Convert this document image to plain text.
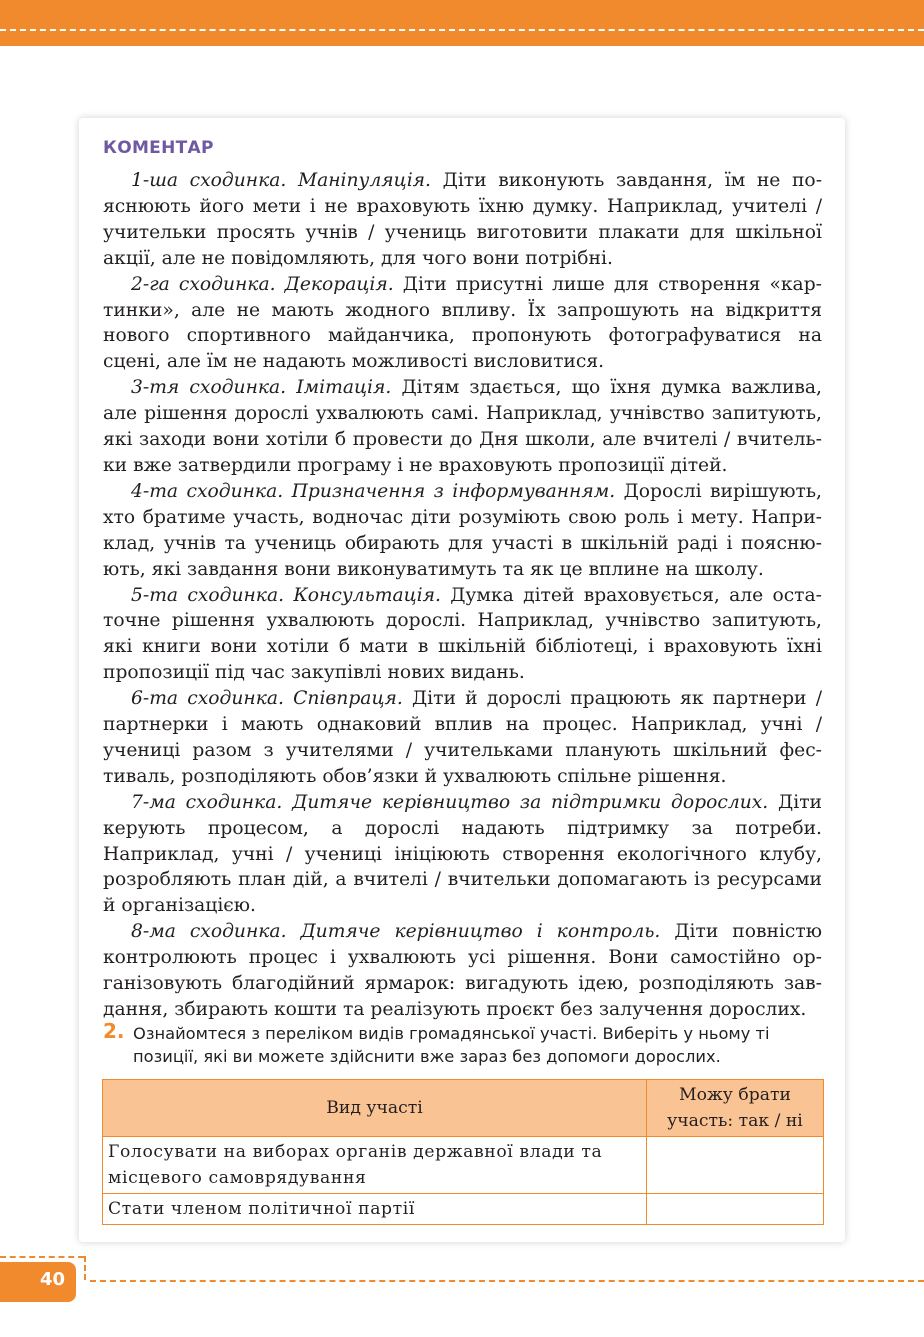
КОМЕНТАР

1-ша сходинка. Маніпуляція. Діти виконують завдання, їм не пояснюють його мети і не враховують їхню думку. Наприклад, учителі / учительки просять учнів / учениць виготовити плакати для шкільної акції, але не повідомляють, для чого вони потрібні.

2-га сходинка. Декорація. Діти присутні лише для створення «картинки», але не мають жодного впливу. Їх запрошують на відкриття нового спортивного майданчика, пропонують фотографуватися на сцені, але їм не надають можливості висловитися.

3-тя сходинка. Імітація. Дітям здається, що їхня думка важлива, але рішення дорослі ухвалюють самі. Наприклад, учнівство запитують, які заходи вони хотіли б провести до Дня школи, але вчителі / вчительки вже затвердили програму і не враховують пропозиції дітей.

4-та сходинка. Призначення з інформуванням. Дорослі вирішують, хто братиме участь, водночас діти розуміють свою роль і мету. Наприклад, учнів та учениць обирають для участі в шкільній раді і пояснюють, які завдання вони виконуватимуть та як це вплине на школу.

5-та сходинка. Консультація. Думка дітей враховується, але остаточне рішення ухвалюють дорослі. Наприклад, учнівство запитують, які книги вони хотіли б мати в шкільній бібліотеці, і враховують їхні пропозиції під час закупівлі нових видань.

6-та сходинка. Співпраця. Діти й дорослі працюють як партнери / партнерки і мають однаковий вплив на процес. Наприклад, учні / учениці разом з учителями / учительками планують шкільний фестиваль, розподіляють обов’язки й ухвалюють спільне рішення.

7-ма сходинка. Дитяче керівництво за підтримки дорослих. Діти керують процесом, а дорослі надають підтримку за потреби. Наприклад, учні / учениці ініціюють створення екологічного клубу, розробляють план дій, а вчителі / вчительки допомагають із ресурсами й організацією.

8-ма сходинка. Дитяче керівництво і контроль. Діти повністю контролюють процес і ухвалюють усі рішення. Вони самостійно організовують благодійний ярмарок: вигадують ідею, розподіляють завдання, збирають кошти та реалізують проєкт без залучення дорослих.

2. Ознайомтеся з переліком видів громадянської участі. Виберіть у ньому ті позиції, які ви можете здійснити вже зараз без допомоги дорослих.
Вид участі	Можу брати участь: так / ні
Голосувати на виборах органів державної влади та місцевого самоврядування	
Стати членом політичної партії	
40
